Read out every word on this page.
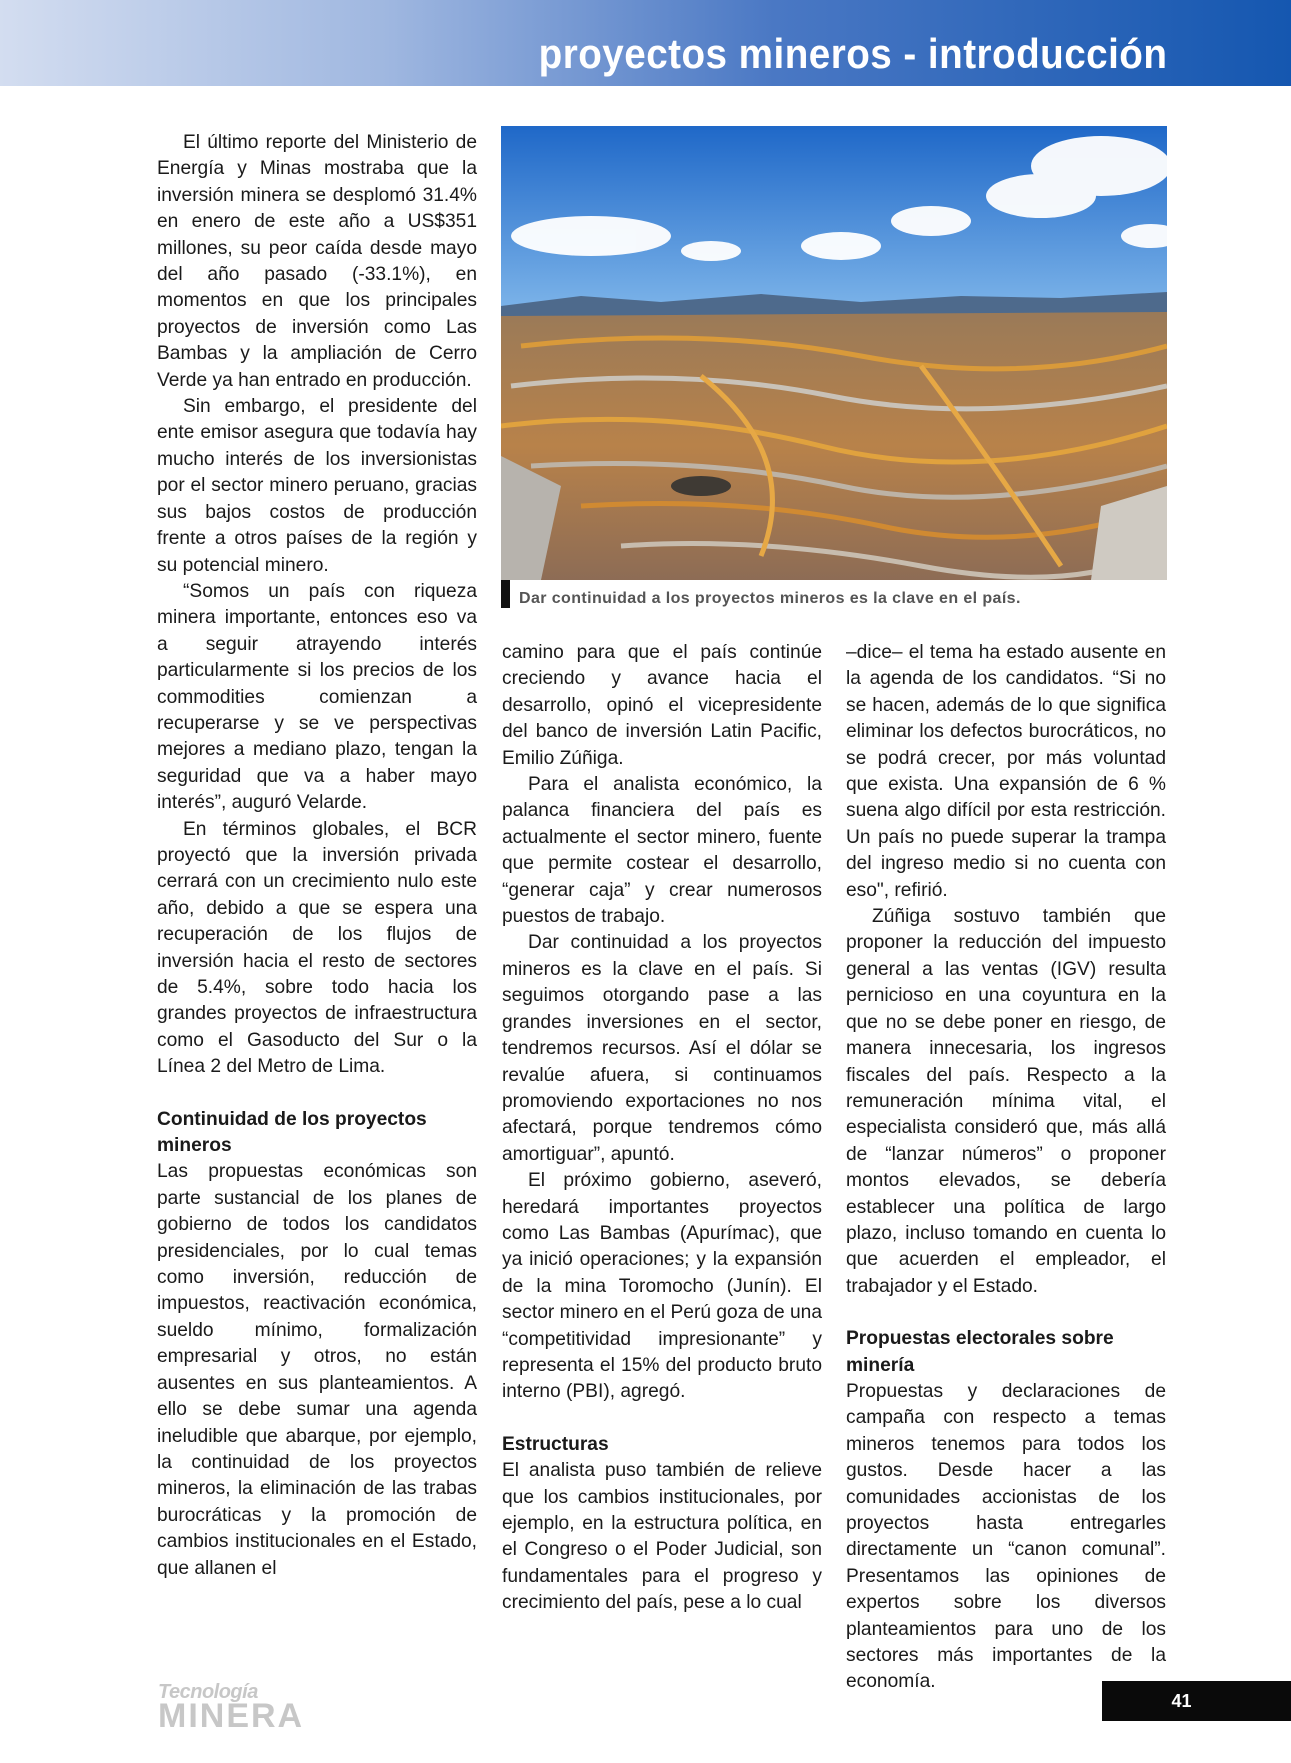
proyectos mineros - introducción

El último reporte del Ministerio de Energía y Minas mostraba que la inversión minera se desplomó 31.4% en enero de este año a US$351 millones, su peor caída desde mayo del año pasado (-33.1%), en momentos en que los principales proyectos de inversión como Las Bambas y la ampliación de Cerro Verde ya han entrado en producción.

Sin embargo, el presidente del ente emisor asegura que todavía hay mucho interés de los inversionistas por el sector minero peruano, gracias sus bajos costos de producción frente a otros países de la región y su potencial minero.

“Somos un país con riqueza minera importante, entonces eso va a seguir atrayendo interés particularmente si los precios de los commodities comienzan a recuperarse y se ve perspectivas mejores a mediano plazo, tengan la seguridad que va a haber mayo interés”, auguró Velarde.

En términos globales, el BCR proyectó que la inversión privada cerrará con un crecimiento nulo este año, debido a que se espera una recuperación de los flujos de inversión hacia el resto de sectores de 5.4%, sobre todo hacia los grandes proyectos de infraestructura como el Gasoducto del Sur o la Línea 2 del Metro de Lima.

Continuidad de los proyectos mineros

Las propuestas económicas son parte sustancial de los planes de gobierno de todos los candidatos presidenciales, por lo cual temas como inversión, reducción de impuestos, reactivación económica, sueldo mínimo, formalización empresarial y otros, no están ausentes en sus planteamientos. A ello se debe sumar una agenda ineludible que abarque, por ejemplo, la continuidad de los proyectos mineros, la eliminación de las trabas burocráticas y la promoción de cambios institucionales en el Estado, que allanen el

Dar continuidad a los proyectos mineros es la clave en el país.

camino para que el país continúe creciendo y avance hacia el desarrollo, opinó el vicepresidente del banco de inversión Latin Pacific, Emilio Zúñiga.

Para el analista económico, la palanca financiera del país es actualmente el sector minero, fuente que permite costear el desarrollo, “generar caja” y crear numerosos puestos de trabajo.

Dar continuidad a los proyectos mineros es la clave en el país. Si seguimos otorgando pase a las grandes inversiones en el sector, tendremos recursos. Así el dólar se revalúe afuera, si continuamos promoviendo exportaciones no nos afectará, porque tendremos cómo amortiguar”, apuntó.

El próximo gobierno, aseveró, heredará importantes proyectos como Las Bambas (Apurímac), que ya inició operaciones; y la expansión de la mina Toromocho (Junín). El sector minero en el Perú goza de una “competitividad impresionante” y representa el 15% del producto bruto interno (PBI), agregó.

Estructuras

El analista puso también de relieve que los cambios institucionales, por ejemplo, en la estructura política, en el Congreso o el Poder Judicial, son fundamentales para el progreso y crecimiento del país, pese a lo cual

–dice– el tema ha estado ausente en la agenda de los candidatos. “Si no se hacen, además de lo que significa eliminar los defectos burocráticos, no se podrá crecer, por más voluntad que exista. Una expansión de 6 % suena algo difícil por esta restricción. Un país no puede superar la trampa del ingreso medio si no cuenta con eso", refirió.

Zúñiga sostuvo también que proponer la reducción del impuesto general a las ventas (IGV) resulta pernicioso en una coyuntura en la que no se debe poner en riesgo, de manera innecesaria, los ingresos fiscales del país. Respecto a la remuneración mínima vital, el especialista consideró que, más allá de “lanzar números” o proponer montos elevados, se debería establecer una política de largo plazo, incluso tomando en cuenta lo que acuerden el empleador, el trabajador y el Estado.

Propuestas electorales sobre minería

Propuestas y declaraciones de campaña con respecto a temas mineros tenemos para todos los gustos. Desde hacer a las comunidades accionistas de los proyectos hasta entregarles directamente un “canon comunal”. Presentamos las opiniones de expertos sobre los diversos planteamientos para uno de los sectores más importantes de la economía.

Tecnología
MINERA	41
